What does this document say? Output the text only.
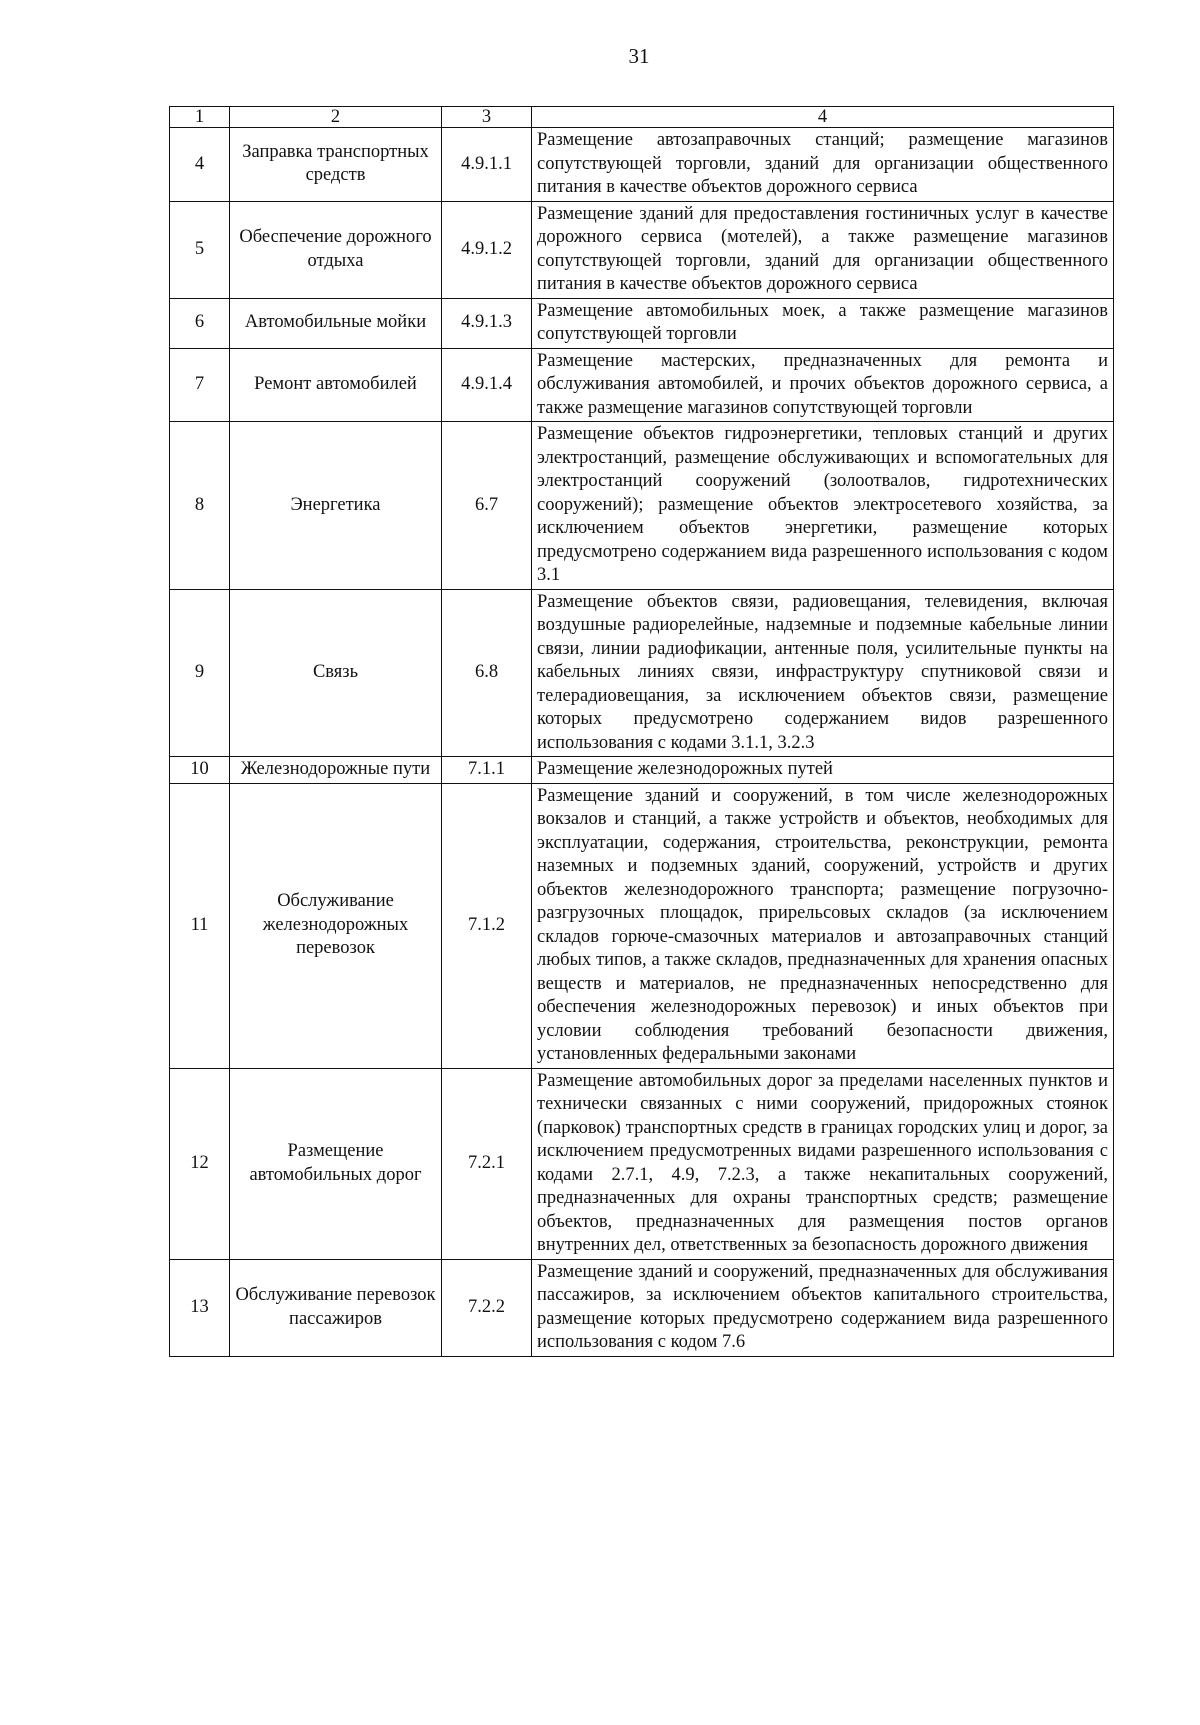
31
1	2	3	4
4	Заправка транспортных средств	4.9.1.1	Размещение автозаправочных станций; размещение магазинов сопутствующей торговли, зданий для организации общественного питания в качестве объектов дорожного сервиса
5	Обеспечение дорожного отдыха	4.9.1.2	Размещение зданий для предоставления гостиничных услуг в качестве дорожного сервиса (мотелей), а также размещение магазинов сопутствующей торговли, зданий для организации общественного питания в качестве объектов дорожного сервиса
6	Автомобильные мойки	4.9.1.3	Размещение автомобильных моек, а также размещение магазинов сопутствующей торговли
7	Ремонт автомобилей	4.9.1.4	Размещение мастерских, предназначенных для ремонта и обслуживания автомобилей, и прочих объектов дорожного сервиса, а также размещение магазинов сопутствующей торговли
8	Энергетика	6.7	Размещение объектов гидроэнергетики, тепловых станций и других электростанций, размещение обслуживающих и вспомогательных для электростанций сооружений (золоотвалов, гидротехнических сооружений); размещение объектов электросетевого хозяйства, за исключением объектов энергетики, размещение которых предусмотрено содержанием вида разрешенного использования с кодом 3.1
9	Связь	6.8	Размещение объектов связи, радиовещания, телевидения, включая воздушные радиорелейные, надземные и подземные кабельные линии связи, линии радиофикации, антенные поля, усилительные пункты на кабельных линиях связи, инфраструктуру спутниковой связи и телерадиовещания, за исключением объектов связи, размещение которых предусмотрено содержанием видов разрешенного использования с кодами 3.1.1, 3.2.3
10	Железнодорожные пути	7.1.1	Размещение железнодорожных путей
11	Обслуживание железнодорожных перевозок	7.1.2	Размещение зданий и сооружений, в том числе железнодорожных вокзалов и станций, а также устройств и объектов, необходимых для эксплуатации, содержания, строительства, реконструкции, ремонта наземных и подземных зданий, сооружений, устройств и других объектов железнодорожного транспорта; размещение погрузочно-разгрузочных площадок, прирельсовых складов (за исключением складов горюче-смазочных материалов и автозаправочных станций любых типов, а также складов, предназначенных для хранения опасных веществ и материалов, не предназначенных непосредственно для обеспечения железнодорожных перевозок) и иных объектов при условии соблюдения требований безопасности движения, установленных федеральными законами
12	Размещение автомобильных дорог	7.2.1	Размещение автомобильных дорог за пределами населенных пунктов и технически связанных с ними сооружений, придорожных стоянок (парковок) транспортных средств в границах городских улиц и дорог, за исключением предусмотренных видами разрешенного использования с кодами 2.7.1, 4.9, 7.2.3, а также некапитальных сооружений, предназначенных для охраны транспортных средств; размещение объектов, предназначенных для размещения постов органов внутренних дел, ответственных за безопасность дорожного движения
13	Обслуживание перевозок пассажиров	7.2.2	Размещение зданий и сооружений, предназначенных для обслуживания пассажиров, за исключением объектов капитального строительства, размещение которых предусмотрено содержанием вида разрешенного использования с кодом 7.6
